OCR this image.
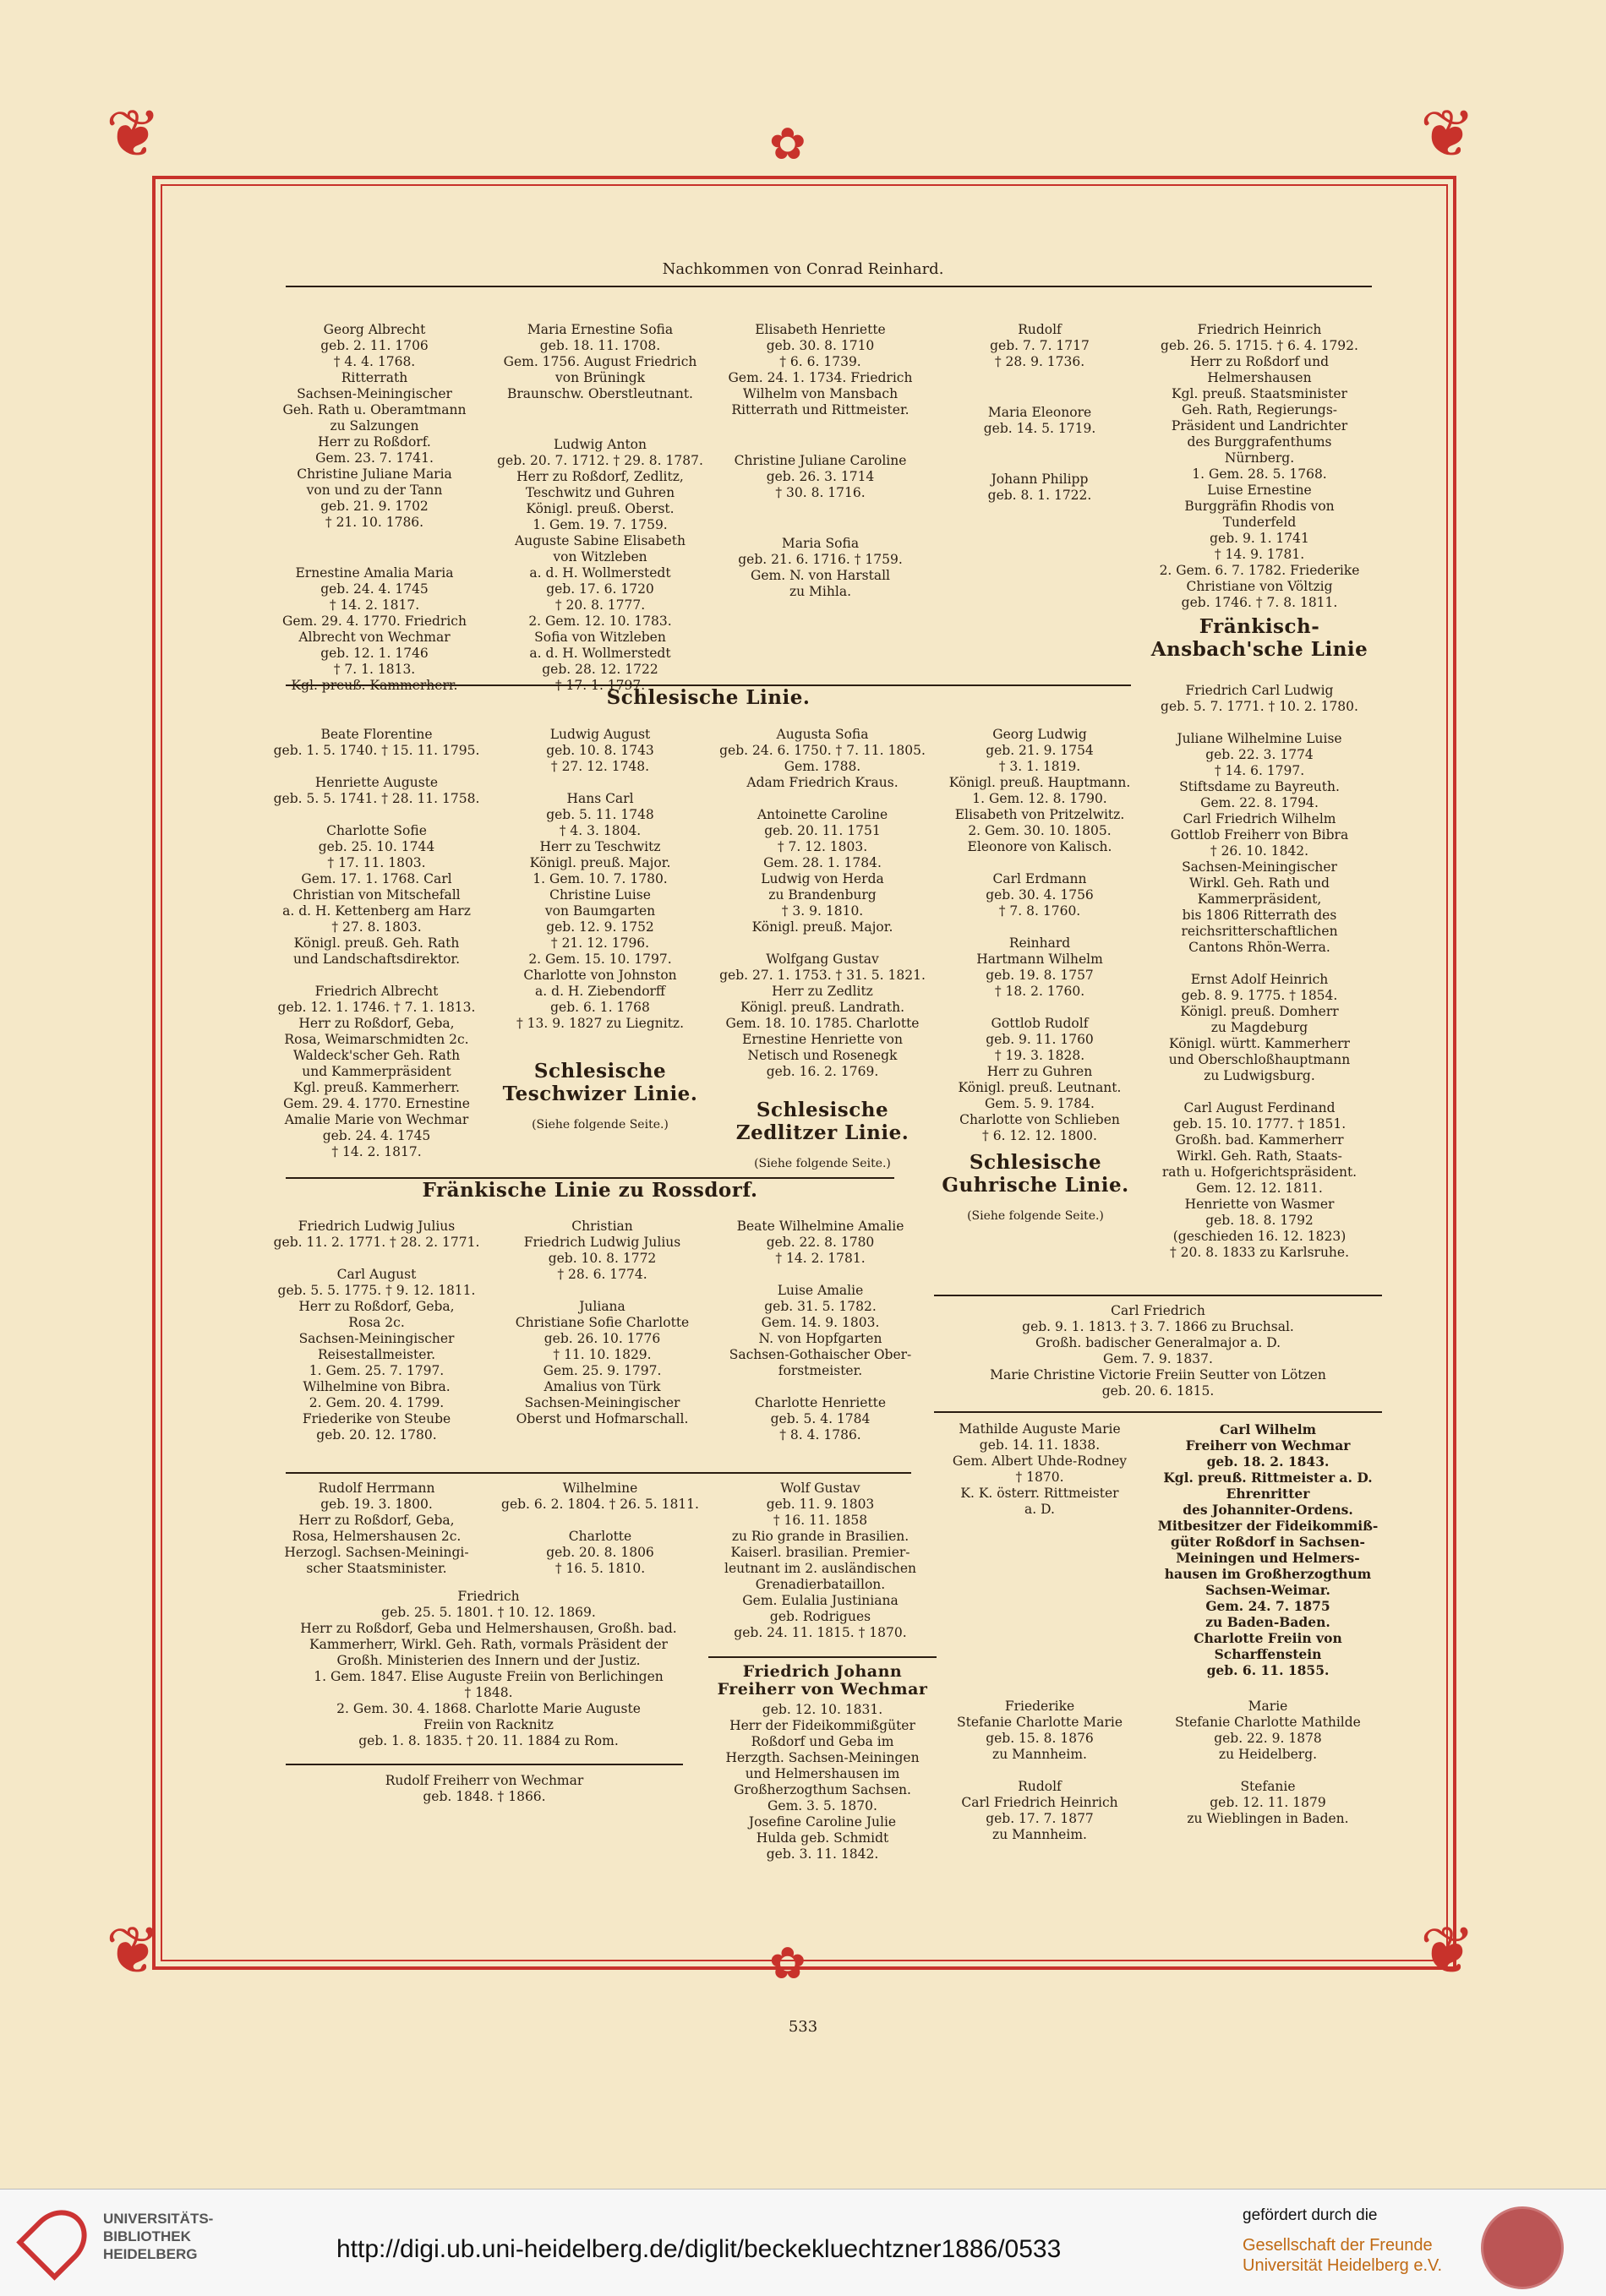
❦	❦
❦	❦
✿
✿
Nachkommen von Conrad Reinhard.

Georg Albrecht
geb. 2. 11. 1706
† 4. 4. 1768.
Ritterrath
Sachsen-Meiningischer
Geh. Rath u. Oberamtmann
zu Salzungen
Herr zu Roßdorf.
Gem. 23. 7. 1741.
Christine Juliane Maria
von und zu der Tann
geb. 21. 9. 1702
† 21. 10. 1786.

Ernestine Amalia Maria
geb. 24. 4. 1745
† 14. 2. 1817.
Gem. 29. 4. 1770. Friedrich
Albrecht von Wechmar
geb. 12. 1. 1746
† 7. 1. 1813.
Kgl. preuß. Kammerherr.

Maria Ernestine Sofia
geb. 18. 11. 1708.
Gem. 1756. August Friedrich
von Brüningk
Braunschw. Oberstleutnant.

Ludwig Anton
geb. 20. 7. 1712. † 29. 8. 1787.
Herr zu Roßdorf, Zedlitz,
Teschwitz und Guhren
Königl. preuß. Oberst.
1. Gem. 19. 7. 1759.
Auguste Sabine Elisabeth
von Witzleben
a. d. H. Wollmerstedt
geb. 17. 6. 1720
† 20. 8. 1777.
2. Gem. 12. 10. 1783.
Sofia von Witzleben
a. d. H. Wollmerstedt
geb. 28. 12. 1722
† 17. 1. 1797.

Elisabeth Henriette
geb. 30. 8. 1710
† 6. 6. 1739.
Gem. 24. 1. 1734. Friedrich
Wilhelm von Mansbach
Ritterrath und Rittmeister.

Christine Juliane Caroline
geb. 26. 3. 1714
† 30. 8. 1716.

Maria Sofia
geb. 21. 6. 1716. † 1759.
Gem. N. von Harstall
zu Mihla.

Rudolf
geb. 7. 7. 1717
† 28. 9. 1736.

Maria Eleonore
geb. 14. 5. 1719.

Johann Philipp
geb. 8. 1. 1722.

Friedrich Heinrich
geb. 26. 5. 1715. † 6. 4. 1792.
Herr zu Roßdorf und
Helmershausen
Kgl. preuß. Staatsminister
Geh. Rath, Regierungs-
Präsident und Landrichter
des Burggrafenthums
Nürnberg.
1. Gem. 28. 5. 1768.
Luise Ernestine
Burggräfin Rhodis von
Tunderfeld
geb. 9. 1. 1741
† 14. 9. 1781.
2. Gem. 6. 7. 1782. Friederike
Christiane von Völtzig
geb. 1746. † 7. 8. 1811.

Fränkisch-
Ansbach'sche Linie
Schlesische Linie.
Beate Florentine
geb. 1. 5. 1740. † 15. 11. 1795.

Henriette Auguste
geb. 5. 5. 1741. † 28. 11. 1758.

Charlotte Sofie
geb. 25. 10. 1744
† 17. 11. 1803.
Gem. 17. 1. 1768. Carl
Christian von Mitschefall
a. d. H. Kettenberg am Harz
† 27. 8. 1803.
Königl. preuß. Geh. Rath
und Landschaftsdirektor.

Friedrich Albrecht
geb. 12. 1. 1746. † 7. 1. 1813.
Herr zu Roßdorf, Geba,
Rosa, Weimarschmidten 2c.
Waldeck'scher Geh. Rath
und Kammerpräsident
Kgl. preuß. Kammerherr.
Gem. 29. 4. 1770. Ernestine
Amalie Marie von Wechmar
geb. 24. 4. 1745
† 14. 2. 1817.
Ludwig August
geb. 10. 8. 1743
† 27. 12. 1748.

Hans Carl
geb. 5. 11. 1748
† 4. 3. 1804.
Herr zu Teschwitz
Königl. preuß. Major.
1. Gem. 10. 7. 1780.
Christine Luise
von Baumgarten
geb. 12. 9. 1752
† 21. 12. 1796.
2. Gem. 15. 10. 1797.
Charlotte von Johnston
a. d. H. Ziebendorff
geb. 6. 1. 1768
† 13. 9. 1827 zu Liegnitz.
Augusta Sofia
geb. 24. 6. 1750. † 7. 11. 1805.
Gem. 1788.
Adam Friedrich Kraus.

Antoinette Caroline
geb. 20. 11. 1751
† 7. 12. 1803.
Gem. 28. 1. 1784.
Ludwig von Herda
zu Brandenburg
† 3. 9. 1810.
Königl. preuß. Major.

Wolfgang Gustav
geb. 27. 1. 1753. † 31. 5. 1821.
Herr zu Zedlitz
Königl. preuß. Landrath.
Gem. 18. 10. 1785. Charlotte
Ernestine Henriette von
Netisch und Rosenegk
geb. 16. 2. 1769.
Georg Ludwig
geb. 21. 9. 1754
† 3. 1. 1819.
Königl. preuß. Hauptmann.
1. Gem. 12. 8. 1790.
Elisabeth von Pritzelwitz.
2. Gem. 30. 10. 1805.
Eleonore von Kalisch.

Carl Erdmann
geb. 30. 4. 1756
† 7. 8. 1760.

Reinhard
Hartmann Wilhelm
geb. 19. 8. 1757
† 18. 2. 1760.

Gottlob Rudolf
geb. 9. 11. 1760
† 19. 3. 1828.
Herr zu Guhren
Königl. preuß. Leutnant.
Gem. 5. 9. 1784.
Charlotte von Schlieben
† 6. 12. 12. 1800.
Friedrich Carl Ludwig
geb. 5. 7. 1771. † 10. 2. 1780.

Juliane Wilhelmine Luise
geb. 22. 3. 1774
† 14. 6. 1797.
Stiftsdame zu Bayreuth.
Gem. 22. 8. 1794.
Carl Friedrich Wilhelm
Gottlob Freiherr von Bibra
† 26. 10. 1842.
Sachsen-Meiningischer
Wirkl. Geh. Rath und
Kammerpräsident,
bis 1806 Ritterrath des
reichsritterschaftlichen
Cantons Rhön-Werra.

Ernst Adolf Heinrich
geb. 8. 9. 1775. † 1854.
Königl. preuß. Domherr
zu Magdeburg
Königl. württ. Kammerherr
und Oberschloßhauptmann
zu Ludwigsburg.

Carl August Ferdinand
geb. 15. 10. 1777. † 1851.
Großh. bad. Kammerherr
Wirkl. Geh. Rath, Staats-
rath u. Hofgerichtspräsident.
Gem. 12. 12. 1811.
Henriette von Wasmer
geb. 18. 8. 1792
(geschieden 16. 12. 1823)
† 20. 8. 1833 zu Karlsruhe.
Schlesische
Teschwizer Linie.
(Siehe folgende Seite.)
Schlesische
Zedlitzer Linie.
(Siehe folgende Seite.)	Schlesische
Guhrische Linie.
(Siehe folgende Seite.)
Fränkische Linie zu Rossdorf.
Friedrich Ludwig Julius
geb. 11. 2. 1771. † 28. 2. 1771.

Carl August
geb. 5. 5. 1775. † 9. 12. 1811.
Herr zu Roßdorf, Geba,
Rosa 2c.
Sachsen-Meiningischer
Reisestallmeister.
1. Gem. 25. 7. 1797.
Wilhelmine von Bibra.
2. Gem. 20. 4. 1799.
Friederike von Steube
geb. 20. 12. 1780.
Christian
Friedrich Ludwig Julius
geb. 10. 8. 1772
† 28. 6. 1774.

Juliana
Christiane Sofie Charlotte
geb. 26. 10. 1776
† 11. 10. 1829.
Gem. 25. 9. 1797.
Amalius von Türk
Sachsen-Meiningischer
Oberst und Hofmarschall.
Beate Wilhelmine Amalie
geb. 22. 8. 1780
† 14. 2. 1781.

Luise Amalie
geb. 31. 5. 1782.
Gem. 14. 9. 1803.
N. von Hopfgarten
Sachsen-Gothaischer Ober-
forstmeister.

Charlotte Henriette
geb. 5. 4. 1784
† 8. 4. 1786.
Carl Friedrich
geb. 9. 1. 1813. † 3. 7. 1866 zu Bruchsal.
Großh. badischer Generalmajor a. D.
Gem. 7. 9. 1837.
Marie Christine Victorie Freiin Seutter von Lötzen
geb. 20. 6. 1815.
Mathilde Auguste Marie
geb. 14. 11. 1838.
Gem. Albert Uhde-Rodney
† 1870.
K. K. österr. Rittmeister
a. D.
Carl Wilhelm
Freiherr von Wechmar
geb. 18. 2. 1843.
Kgl. preuß. Rittmeister a. D.
Ehrenritter
des Johanniter-Ordens.
Mitbesitzer der Fideikommiß-
güter Roßdorf in Sachsen-
Meiningen und Helmers-
hausen im Großherzogthum
Sachsen-Weimar.
Gem. 24. 7. 1875
zu Baden-Baden.
Charlotte Freiin von
Scharffenstein
geb. 6. 11. 1855.
Rudolf Herrmann
geb. 19. 3. 1800.
Herr zu Roßdorf, Geba,
Rosa, Helmershausen 2c.
Herzogl. Sachsen-Meiningi-
scher Staatsminister.
Wilhelmine
geb. 6. 2. 1804. † 26. 5. 1811.

Charlotte
geb. 20. 8. 1806
† 16. 5. 1810.
Wolf Gustav
geb. 11. 9. 1803
† 16. 11. 1858
zu Rio grande in Brasilien.
Kaiserl. brasilian. Premier-
leutnant im 2. ausländischen
Grenadierbataillon.
Gem. Eulalia Justiniana
geb. Rodrigues
geb. 24. 11. 1815. † 1870.
Friedrich
geb. 25. 5. 1801. † 10. 12. 1869.
Herr zu Roßdorf, Geba und Helmershausen, Großh. bad.
Kammerherr, Wirkl. Geh. Rath, vormals Präsident der
Großh. Ministerien des Innern und der Justiz.
1. Gem. 1847. Elise Auguste Freiin von Berlichingen
† 1848.
2. Gem. 30. 4. 1868. Charlotte Marie Auguste
Freiin von Racknitz
geb. 1. 8. 1835. † 20. 11. 1884 zu Rom.
Rudolf Freiherr von Wechmar
geb. 1848. † 1866.
Friedrich Johann
Freiherr von Wechmar
geb. 12. 10. 1831.
Herr der Fideikommißgüter
Roßdorf und Geba im
Herzgth. Sachsen-Meiningen
und Helmershausen im
Großherzogthum Sachsen.
Gem. 3. 5. 1870.
Josefine Caroline Julie
Hulda geb. Schmidt
geb. 3. 11. 1842.
Friederike
Stefanie Charlotte Marie
geb. 15. 8. 1876
zu Mannheim.

Rudolf
Carl Friedrich Heinrich
geb. 17. 7. 1877
zu Mannheim.
Marie
Stefanie Charlotte Mathilde
geb. 22. 9. 1878
zu Heidelberg.

Stefanie
geb. 12. 11. 1879
zu Wieblingen in Baden.
533
UNIVERSITÄTS-
BIBLIOTHEK
HEIDELBERG	http://digi.ub.uni-heidelberg.de/diglit/beckekluechtzner1886/0533
gefördert durch die
Gesellschaft der Freunde
Universität Heidelberg e.V.
